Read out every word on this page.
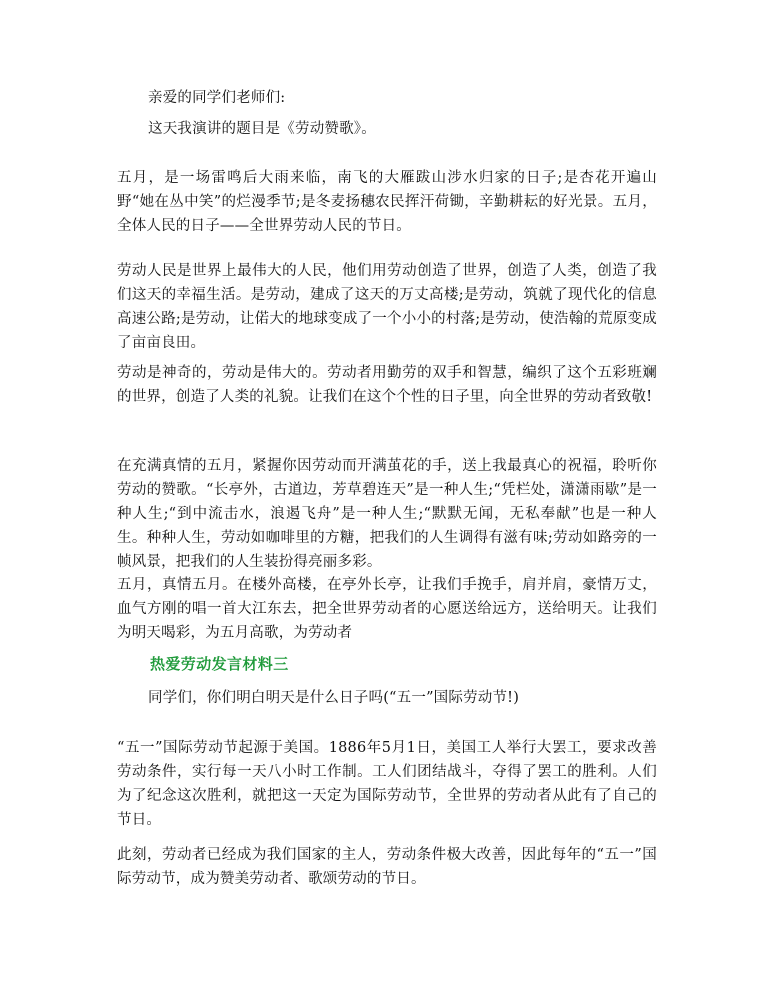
亲爱的同学们老师们:

这天我演讲的题目是《劳动赞歌》。

五月，是一场雷鸣后大雨来临，南飞的大雁跋山涉水归家的日子;是杏花开遍山野“她在丛中笑”的烂漫季节;是冬麦扬穗农民挥汗荷锄，辛勤耕耘的好光景。五月，全体人民的日子——全世界劳动人民的节日。

劳动人民是世界上最伟大的人民，他们用劳动创造了世界，创造了人类，创造了我们这天的幸福生活。是劳动，建成了这天的万丈高楼;是劳动，筑就了现代化的信息高速公路;是劳动，让偌大的地球变成了一个小小的村落;是劳动，使浩翰的荒原变成了亩亩良田。

劳动是神奇的，劳动是伟大的。劳动者用勤劳的双手和智慧，编织了这个五彩班斓的世界，创造了人类的礼貌。让我们在这个个性的日子里，向全世界的劳动者致敬!

在充满真情的五月，紧握你因劳动而开满茧花的手，送上我最真心的祝福，聆听你劳动的赞歌。“长亭外，古道边，芳草碧连天”是一种人生;“凭栏处，潇潇雨歇”是一种人生;“到中流击水，浪遏飞舟”是一种人生;“默默无闻，无私奉献”也是一种人生。种种人生，劳动如咖啡里的方糖，把我们的人生调得有滋有味;劳动如路旁的一帧风景，把我们的人生装扮得亮丽多彩。

五月，真情五月。在楼外高楼，在亭外长亭，让我们手挽手，肩并肩，豪情万丈，血气方刚的唱一首大江东去，把全世界劳动者的心愿送给远方，送给明天。让我们为明天喝彩，为五月高歌，为劳动者

热爱劳动发言材料三

同学们，你们明白明天是什么日子吗(“五一”国际劳动节!)

“五一”国际劳动节起源于美国。1886年5月1日，美国工人举行大罢工，要求改善劳动条件，实行每一天八小时工作制。工人们团结战斗，夺得了罢工的胜利。人们为了纪念这次胜利，就把这一天定为国际劳动节，全世界的劳动者从此有了自己的节日。

此刻，劳动者已经成为我们国家的主人，劳动条件极大改善，因此每年的“五一”国际劳动节，成为赞美劳动者、歌颂劳动的节日。
